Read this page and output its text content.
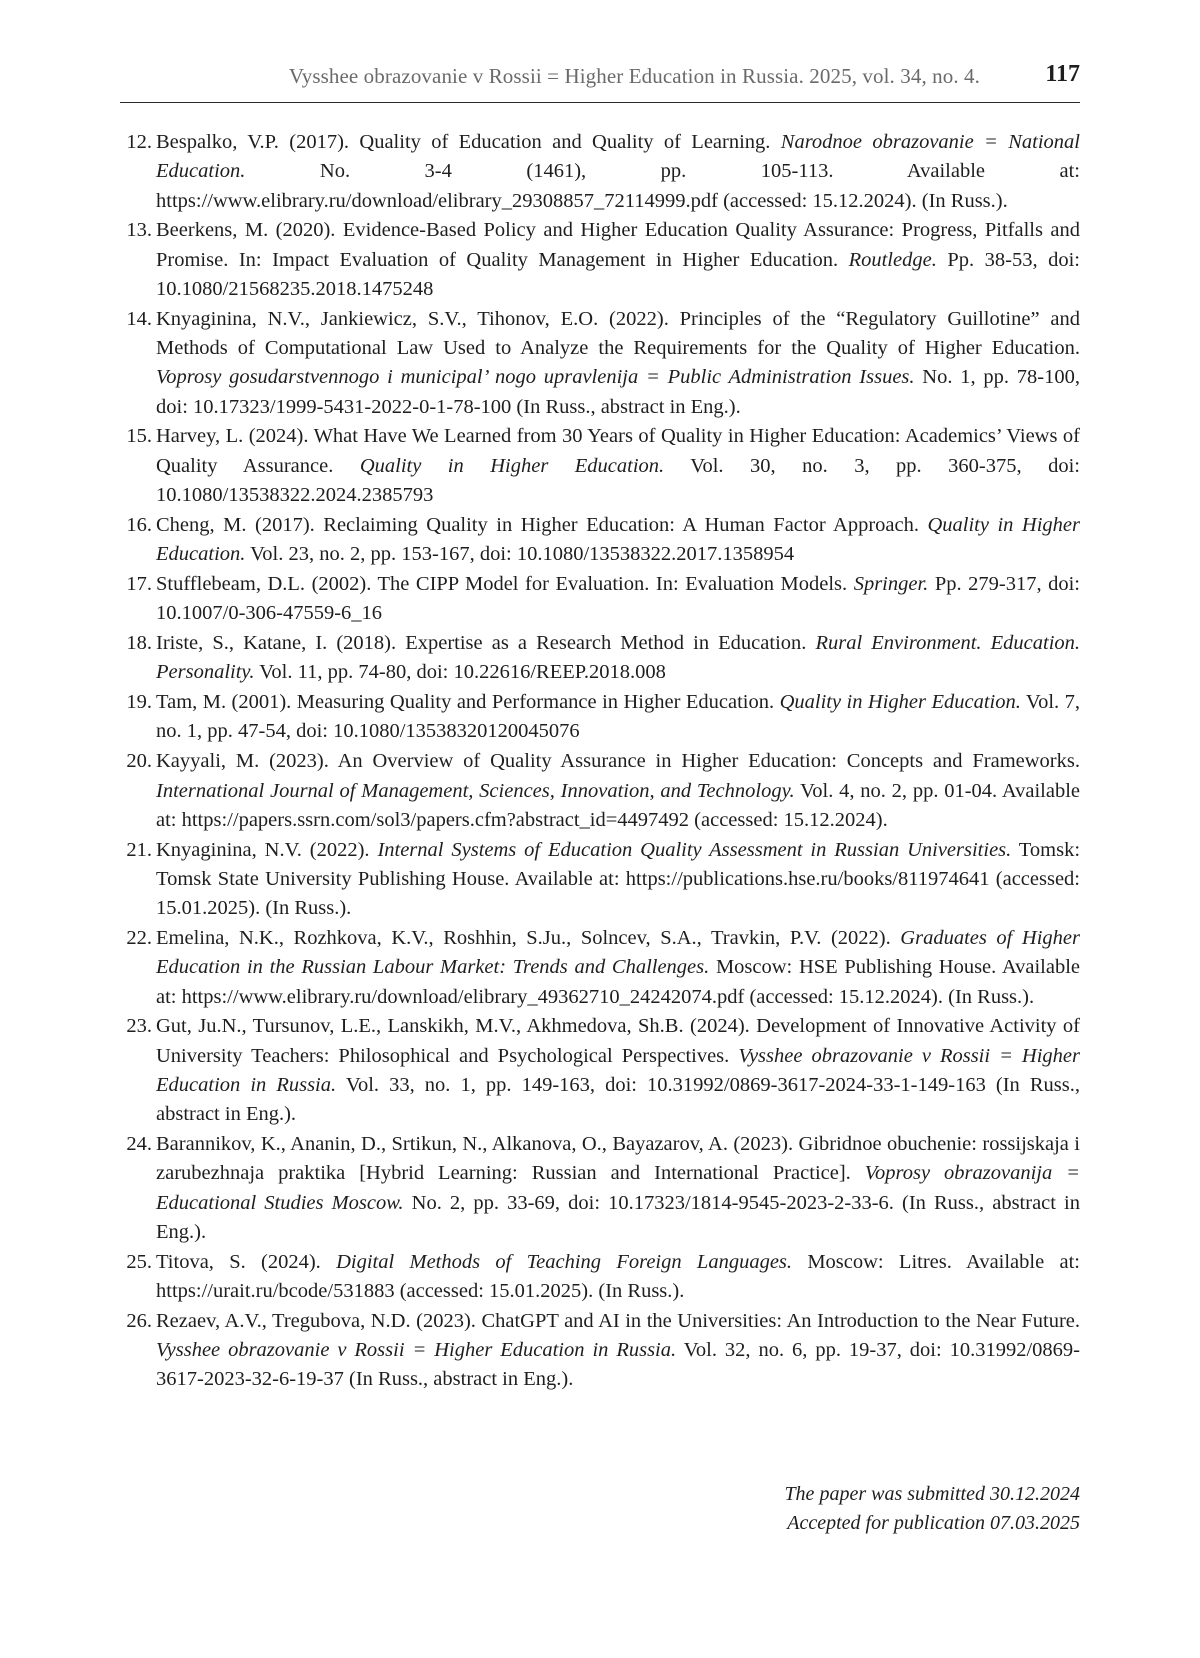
Vysshee obrazovanie v Rossii = Higher Education in Russia. 2025, vol. 34, no. 4.	117
12. Bespalko, V.P. (2017). Quality of Education and Quality of Learning. Narodnoe obrazovanie = National Education. No. 3-4 (1461), pp. 105-113. Available at: https://www.elibrary.ru/download/elibrary_29308857_72114999.pdf (accessed: 15.12.2024). (In Russ.).
13. Beerkens, M. (2020). Evidence-Based Policy and Higher Education Quality Assurance: Progress, Pitfalls and Promise. In: Impact Evaluation of Quality Management in Higher Education. Routledge. Pp. 38-53, doi: 10.1080/21568235.2018.1475248
14. Knyaginina, N.V., Jankiewicz, S.V., Tihonov, E.O. (2022). Principles of the “Regulatory Guillotine” and Methods of Computational Law Used to Analyze the Requirements for the Quality of Higher Education. Voprosy gosudarstvennogo i municipal’ nogo upravlenija = Public Administration Issues. No. 1, pp. 78-100, doi: 10.17323/1999-5431-2022-0-1-78-100 (In Russ., abstract in Eng.).
15. Harvey, L. (2024). What Have We Learned from 30 Years of Quality in Higher Education: Academics’ Views of Quality Assurance. Quality in Higher Education. Vol. 30, no. 3, pp. 360-375, doi: 10.1080/13538322.2024.2385793
16. Cheng, M. (2017). Reclaiming Quality in Higher Education: A Human Factor Approach. Quality in Higher Education. Vol. 23, no. 2, pp. 153-167, doi: 10.1080/13538322.2017.1358954
17. Stufflebeam, D.L. (2002). The CIPP Model for Evaluation. In: Evaluation Models. Springer. Pp. 279-317, doi: 10.1007/0-306-47559-6_16
18. Iriste, S., Katane, I. (2018). Expertise as a Research Method in Education. Rural Environment. Education. Personality. Vol. 11, pp. 74-80, doi: 10.22616/REEP.2018.008
19. Tam, M. (2001). Measuring Quality and Performance in Higher Education. Quality in Higher Education. Vol. 7, no. 1, pp. 47-54, doi: 10.1080/13538320120045076
20. Kayyali, M. (2023). An Overview of Quality Assurance in Higher Education: Concepts and Frameworks. International Journal of Management, Sciences, Innovation, and Technology. Vol. 4, no. 2, pp. 01-04. Available at: https://papers.ssrn.com/sol3/papers.cfm?abstract_id=4497492 (accessed: 15.12.2024).
21. Knyaginina, N.V. (2022). Internal Systems of Education Quality Assessment in Russian Universities. Tomsk: Tomsk State University Publishing House. Available at: https://publications.hse.ru/books/811974641 (accessed: 15.01.2025). (In Russ.).
22. Emelina, N.K., Rozhkova, K.V., Roshhin, S.Ju., Solncev, S.A., Travkin, P.V. (2022). Graduates of Higher Education in the Russian Labour Market: Trends and Challenges. Moscow: HSE Publishing House. Available at: https://www.elibrary.ru/download/elibrary_49362710_24242074.pdf (accessed: 15.12.2024). (In Russ.).
23. Gut, Ju.N., Tursunov, L.E., Lanskikh, M.V., Akhmedova, Sh.B. (2024). Development of Innovative Activity of University Teachers: Philosophical and Psychological Perspectives. Vysshee obrazovanie v Rossii = Higher Education in Russia. Vol. 33, no. 1, pp. 149-163, doi: 10.31992/0869-3617-2024-33-1-149-163 (In Russ., abstract in Eng.).
24. Barannikov, K., Ananin, D., Srtikun, N., Alkanova, O., Bayazarov, A. (2023). Gibridnoe obuchenie: rossijskaja i zarubezhnaja praktika [Hybrid Learning: Russian and International Practice]. Voprosy obrazovanija = Educational Studies Moscow. No. 2, pp. 33-69, doi: 10.17323/1814-9545-2023-2-33-6. (In Russ., abstract in Eng.).
25. Titova, S. (2024). Digital Methods of Teaching Foreign Languages. Moscow: Litres. Available at: https://urait.ru/bcode/531883 (accessed: 15.01.2025). (In Russ.).
26. Rezaev, A.V., Tregubova, N.D. (2023). ChatGPT and AI in the Universities: An Introduction to the Near Future. Vysshee obrazovanie v Rossii = Higher Education in Russia. Vol. 32, no. 6, pp. 19-37, doi: 10.31992/0869-3617-2023-32-6-19-37 (In Russ., abstract in Eng.).
The paper was submitted 30.12.2024
Accepted for publication 07.03.2025
